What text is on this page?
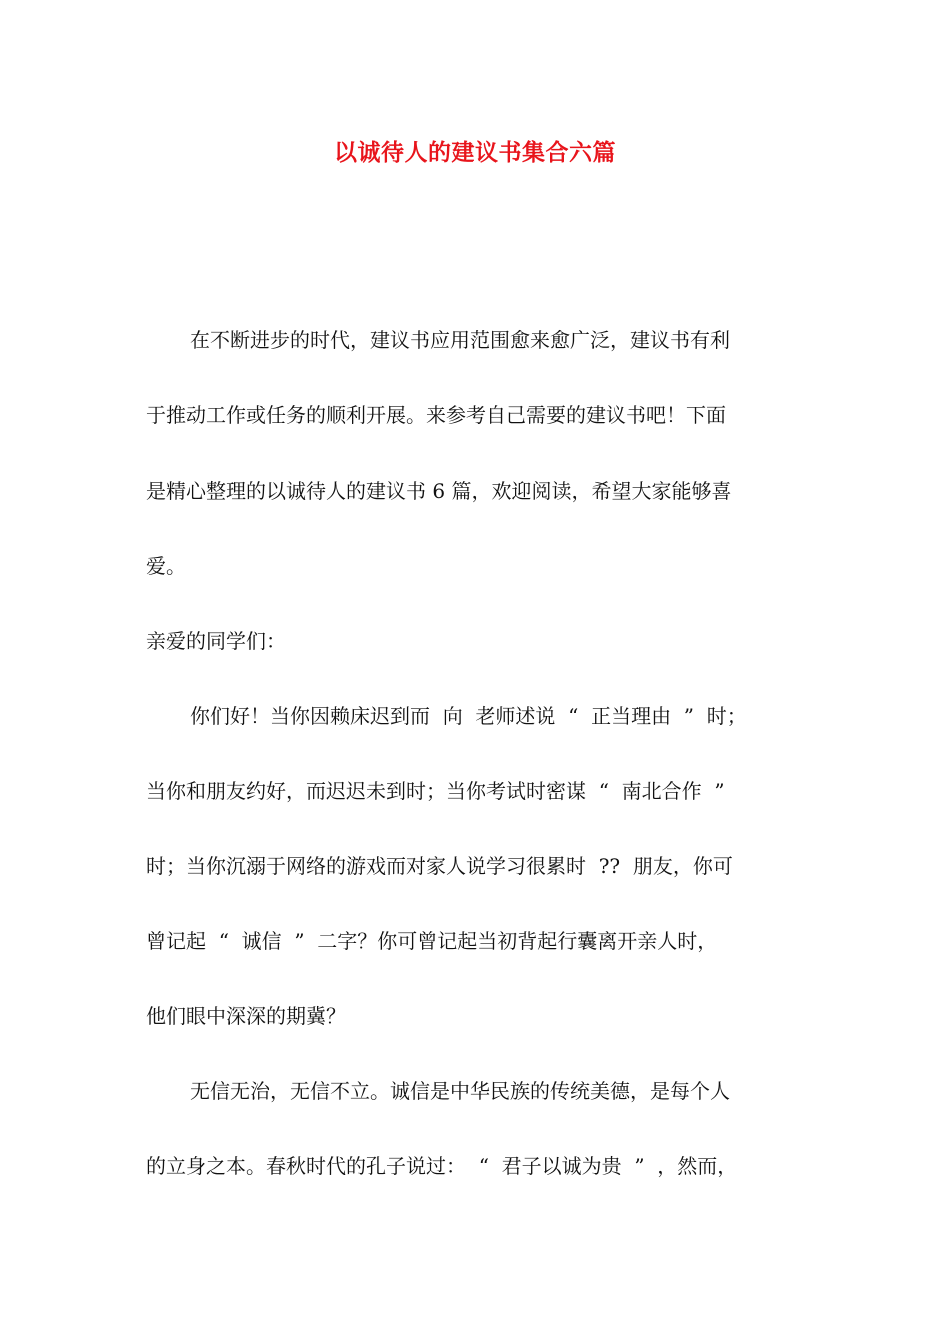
以诚待人的建议书集合六篇
在不断进步的时代，建议书应用范围愈来愈广泛，建议书有利
于推动工作或任务的顺利开展。来参考自己需要的建议书吧！下面
是精心整理的以诚待人的建议书 6 篇，欢迎阅读，希望大家能够喜
爱。
亲爱的同学们：
你们好！当你因赖床迟到而  向  老师述说  “  正当理由  ”  时；
当你和朋友约好，而迟迟未到时；当你考试时密谋  “  南北合作  ”
时；当你沉溺于网络的游戏而对家人说学习很累时  ??  朋友，你可
曾记起  “  诚信  ”  二字？你可曾记起当初背起行囊离开亲人时，
他们眼中深深的期冀？
无信无治，无信不立。诚信是中华民族的传统美德，是每个人
的立身之本。春秋时代的孔子说过：  “  君子以诚为贵  ”  ，然而，
